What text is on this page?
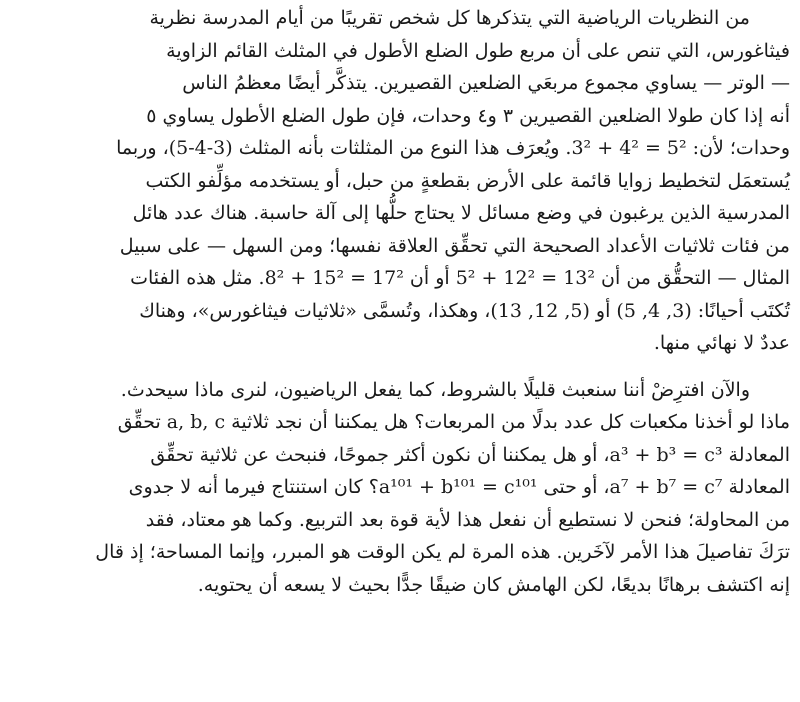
من النظريات الرياضية التي يتذكرها كل شخص تقريبًا من أيام المدرسة نظرية
فيثاغورس، التي تنص على أن مربع طول الضلع الأطول في المثلث القائم الزاوية
— الوتر — يساوي مجموع مربعَي الضلعين القصيرين. يتذكَّر أيضًا معظمُ الناس
أنه إذا كان طولا الضلعين القصيرين ٣ و٤ وحدات، فإن طول الضلع الأطول يساوي ٥
وحدات؛ لأن: 5² = 4² + 3². ويُعرَف هذا النوع من المثلثات بأنه المثلث (3-4-5)، وربما
يُستعمَل لتخطيط زوايا قائمة على الأرض بقطعةٍ من حبل، أو يستخدمه مؤلِّفو الكتب
المدرسية الذين يرغبون في وضع مسائل لا يحتاج حلُّها إلى آلة حاسبة. هناك عدد هائل
من فئات ثلاثيات الأعداد الصحيحة التي تحقِّق العلاقة نفسها؛ ومن السهل — على سبيل
المثال — التحقُّق من أن 13² = 12² + 5² أو أن 17² = 15² + 8². مثل هذه الفئات
تُكتَب أحيانًا: (3, 4, 5) أو (5, 12, 13)، وهكذا، وتُسمَّى «ثلاثيات فيثاغورس»، وهناك
عددٌ لا نهائي منها.

والآن افترِضْ أننا سنعبث قليلًا بالشروط، كما يفعل الرياضيون، لنرى ماذا سيحدث.
ماذا لو أخذنا مكعبات كل عدد بدلًا من المربعات؟ هل يمكننا أن نجد ثلاثية a, b, c تحقِّق
المعادلة a³ + b³ = c³، أو هل يمكننا أن نكون أكثر جموحًا، فنبحث عن ثلاثية تحقِّق
المعادلة a⁷ + b⁷ = c⁷، أو حتى a¹⁰¹ + b¹⁰¹ = c¹⁰¹؟ كان استنتاج فيرما أنه لا جدوى
من المحاولة؛ فنحن لا نستطيع أن نفعل هذا لأية قوة بعد التربيع. وكما هو معتاد، فقد
ترَكَ تفاصيلَ هذا الأمر لآخَرين. هذه المرة لم يكن الوقت هو المبرر، وإنما المساحة؛ إذ قال
إنه اكتشف برهانًا بديعًا، لكن الهامش كان ضيقًا جدًّا بحيث لا يسعه أن يحتويه.
